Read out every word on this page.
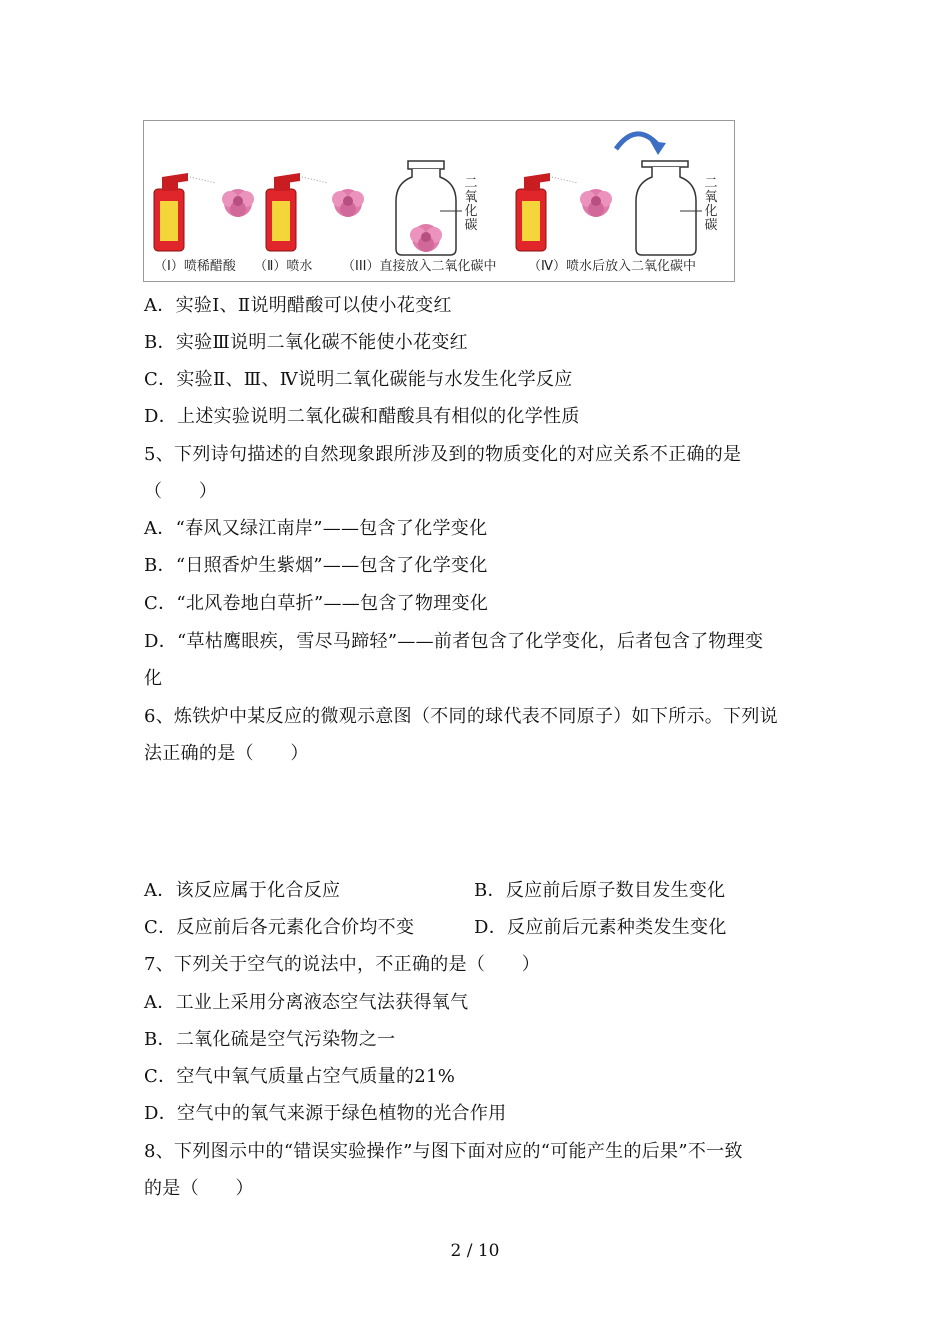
二氧化碳
二氧化碳
（I）喷稀醋酸 （Ⅱ）喷水 （III）直接放入二氧化碳中 （Ⅳ）喷水后放入二氧化碳中
A．实验Ⅰ、Ⅱ说明醋酸可以使小花变红
B．实验Ⅲ说明二氧化碳不能使小花变红
C．实验Ⅱ、Ⅲ、Ⅳ说明二氧化碳能与水发生化学反应
D．上述实验说明二氧化碳和醋酸具有相似的化学性质
5、下列诗句描述的自然现象跟所涉及到的物质变化的对应关系不正确的是
（　　）
A．“春风又绿江南岸”——包含了化学变化
B．“日照香炉生紫烟”——包含了化学变化
C．“北风卷地白草折”——包含了物理变化
D．“草枯鹰眼疾，雪尽马蹄轻”——前者包含了化学变化，后者包含了物理变
化
6、炼铁炉中某反应的微观示意图（不同的球代表不同原子）如下所示。下列说
法正确的是（　　）
A．该反应属于化合反应	B．反应前后原子数目发生变化
C．反应前后各元素化合价均不变	D．反应前后元素种类发生变化
7、下列关于空气的说法中，不正确的是（　　）
A．工业上采用分离液态空气法获得氧气
B．二氧化硫是空气污染物之一
C．空气中氧气质量占空气质量的21%
D．空气中的氧气来源于绿色植物的光合作用
8、下列图示中的“错误实验操作”与图下面对应的“可能产生的后果”不一致
的是（　　）
2 / 10
